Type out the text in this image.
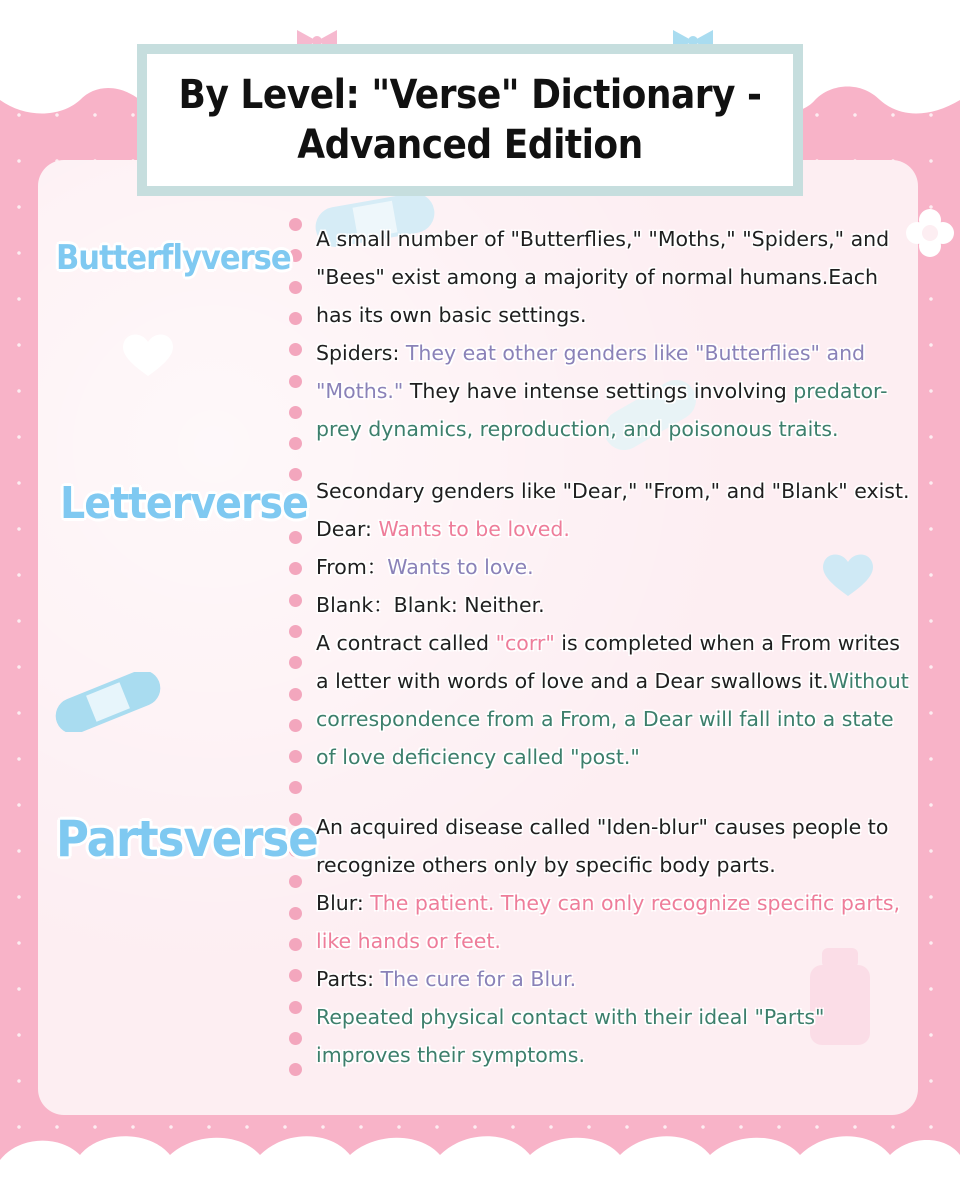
By Level: "Verse" Dictionary -
Advanced Edition
Butterflyverse
Letterverse
Partsverse

A small number of "Butterflies," "Moths," "Spiders," and "Bees" exist among a majority of normal humans.Each has its own basic settings.

Spiders: They eat other genders like "Butterflies" and "Moths." They have intense settings involving predator-prey dynamics, reproduction, and poisonous traits.

Secondary genders like "Dear," "From," and "Blank" exist.

Dear: Wants to be loved.

From：Wants to love.

Blank：Blank: Neither.

A contract called "corr" is completed when a From writes a letter with words of love and a Dear swallows it.Without correspondence from a From, a Dear will fall into a state of love deficiency called "post."

An acquired disease called "Iden-blur" causes people to recognize others only by specific body parts.

Blur: The patient. They can only recognize specific parts, like hands or feet.

Parts: The cure for a Blur.

Repeated physical contact with their ideal "Parts" improves their symptoms.
